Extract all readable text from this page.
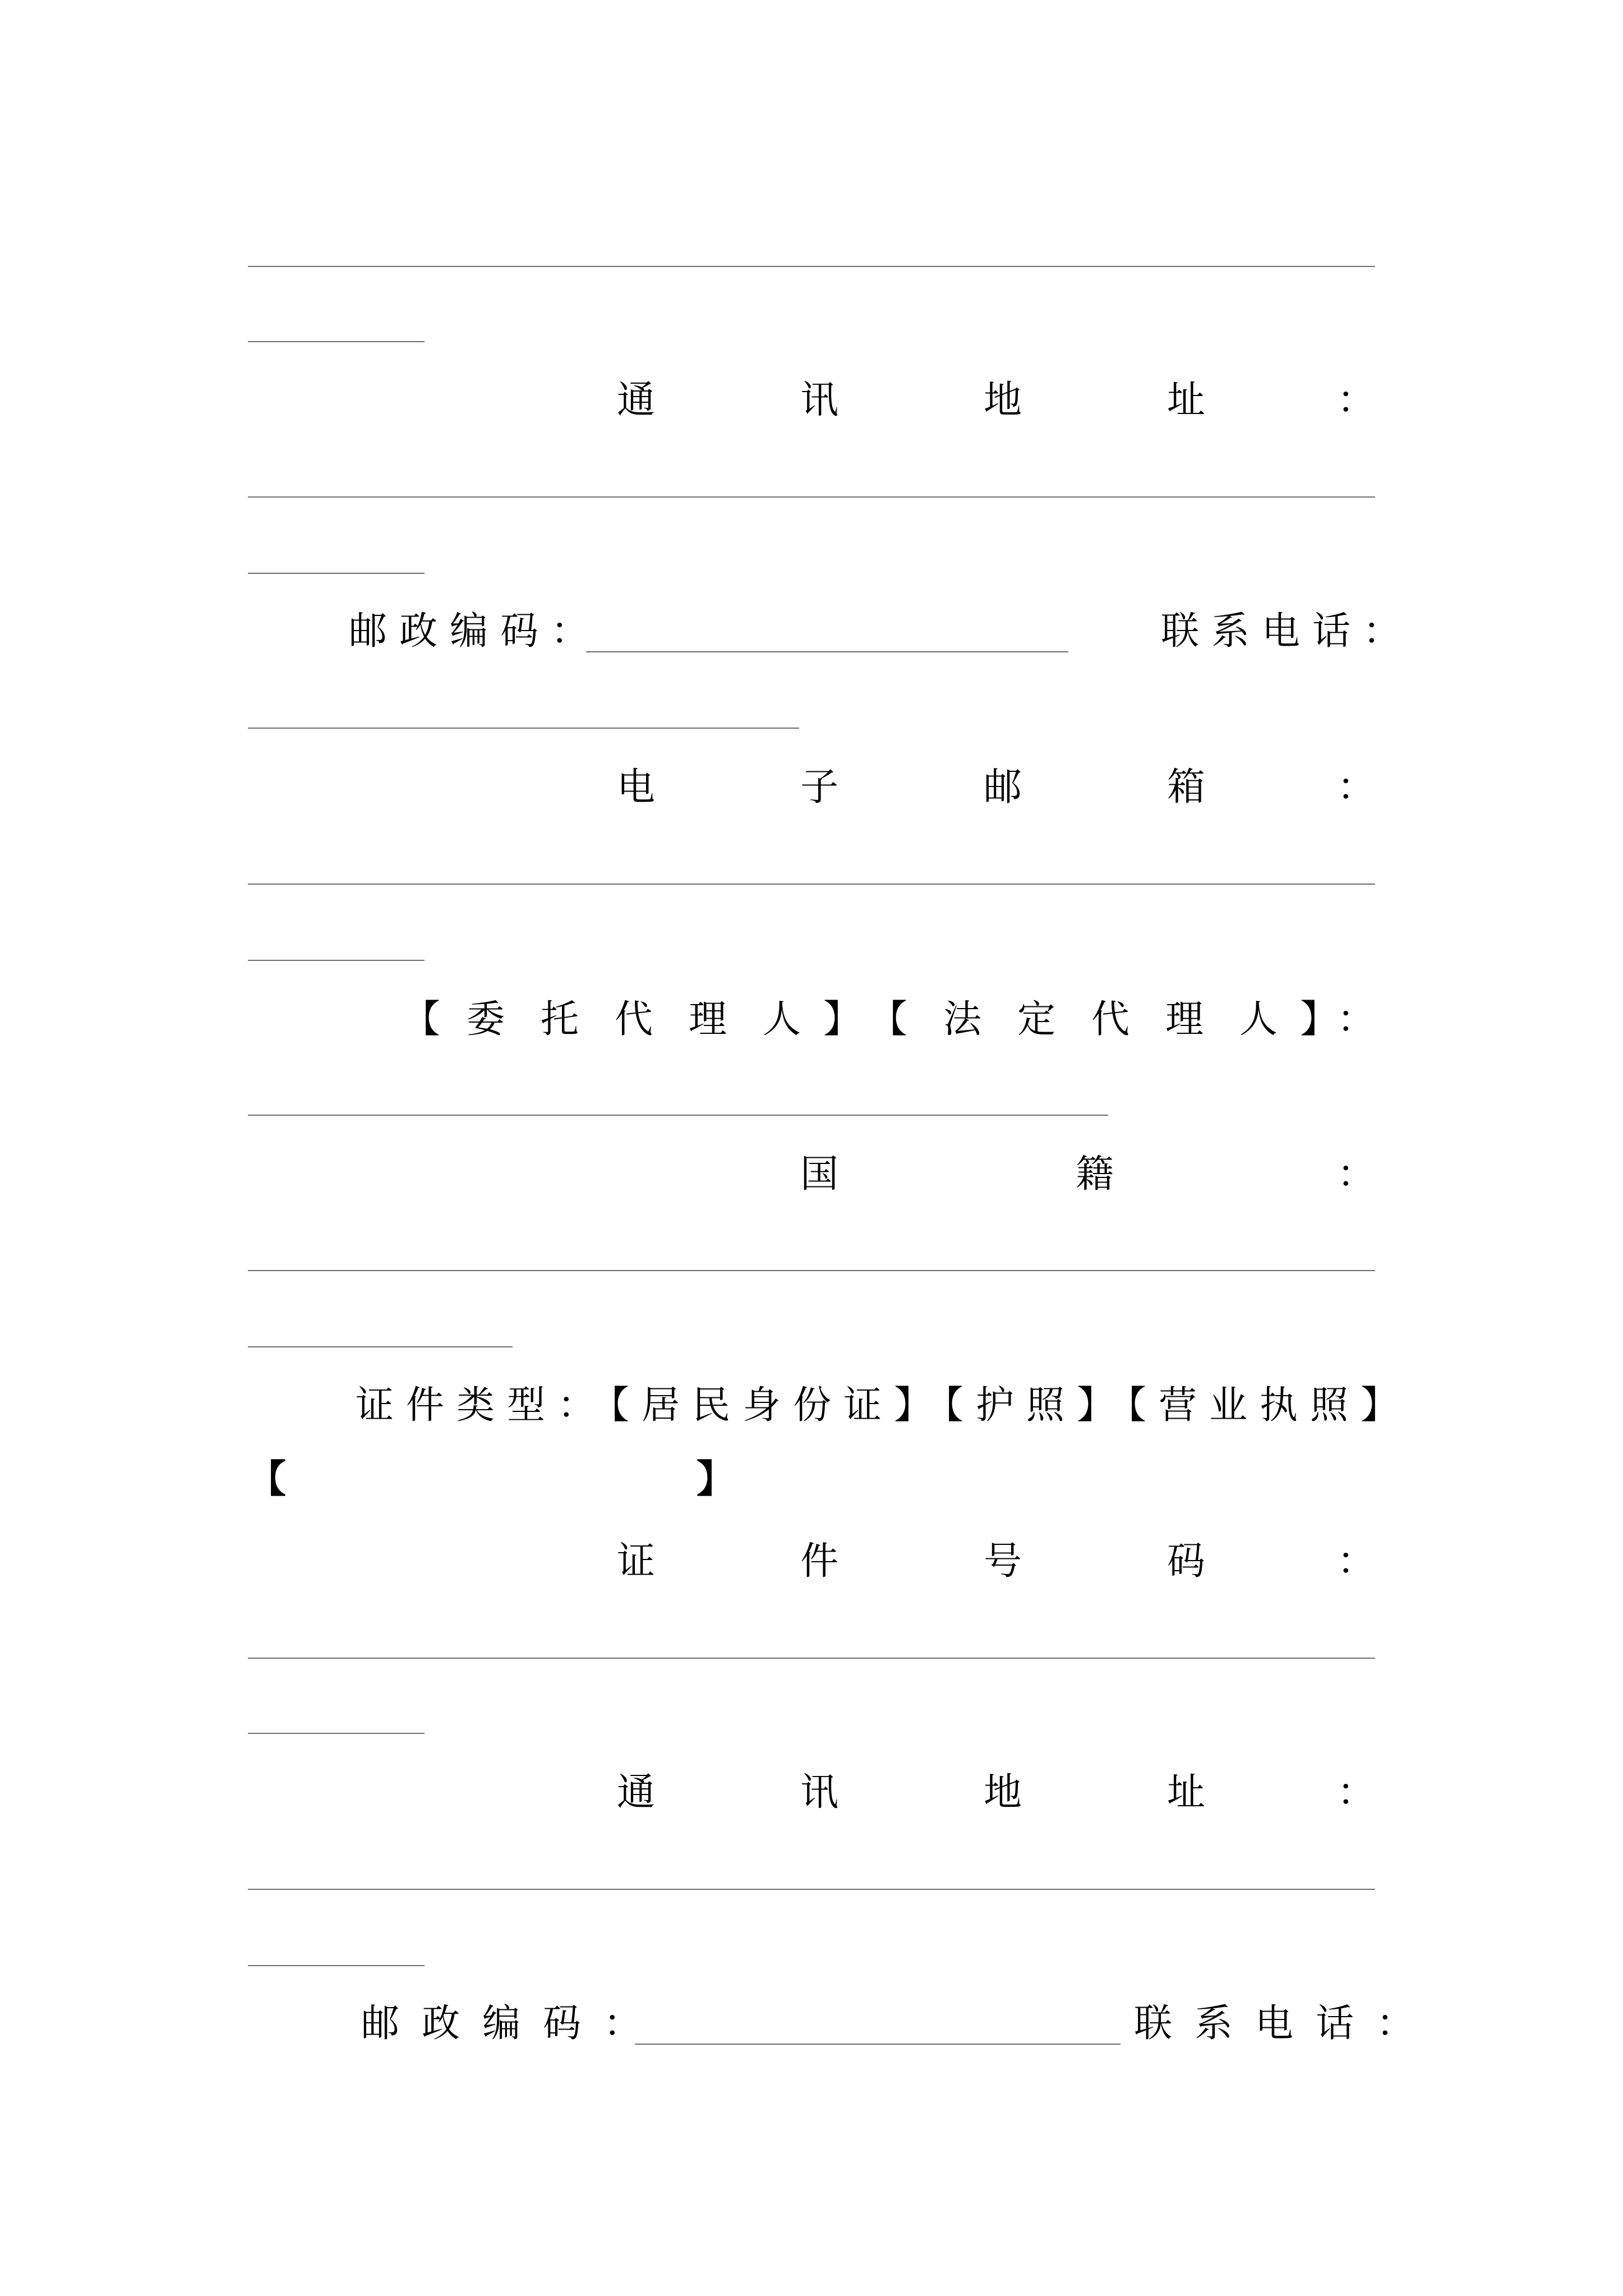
通	讯	地	址	：
邮政编码：	联系电话：
电	子	邮	箱	：
【 委 托 代 理 人 】 【 法 定 代 理 人 】
：
国	籍	：
证件类型：
【居民身份证】【护照】【营业执照】
【	】
证	件	号	码	：
通	讯	地	址	：
邮政编码：	联系电话：
